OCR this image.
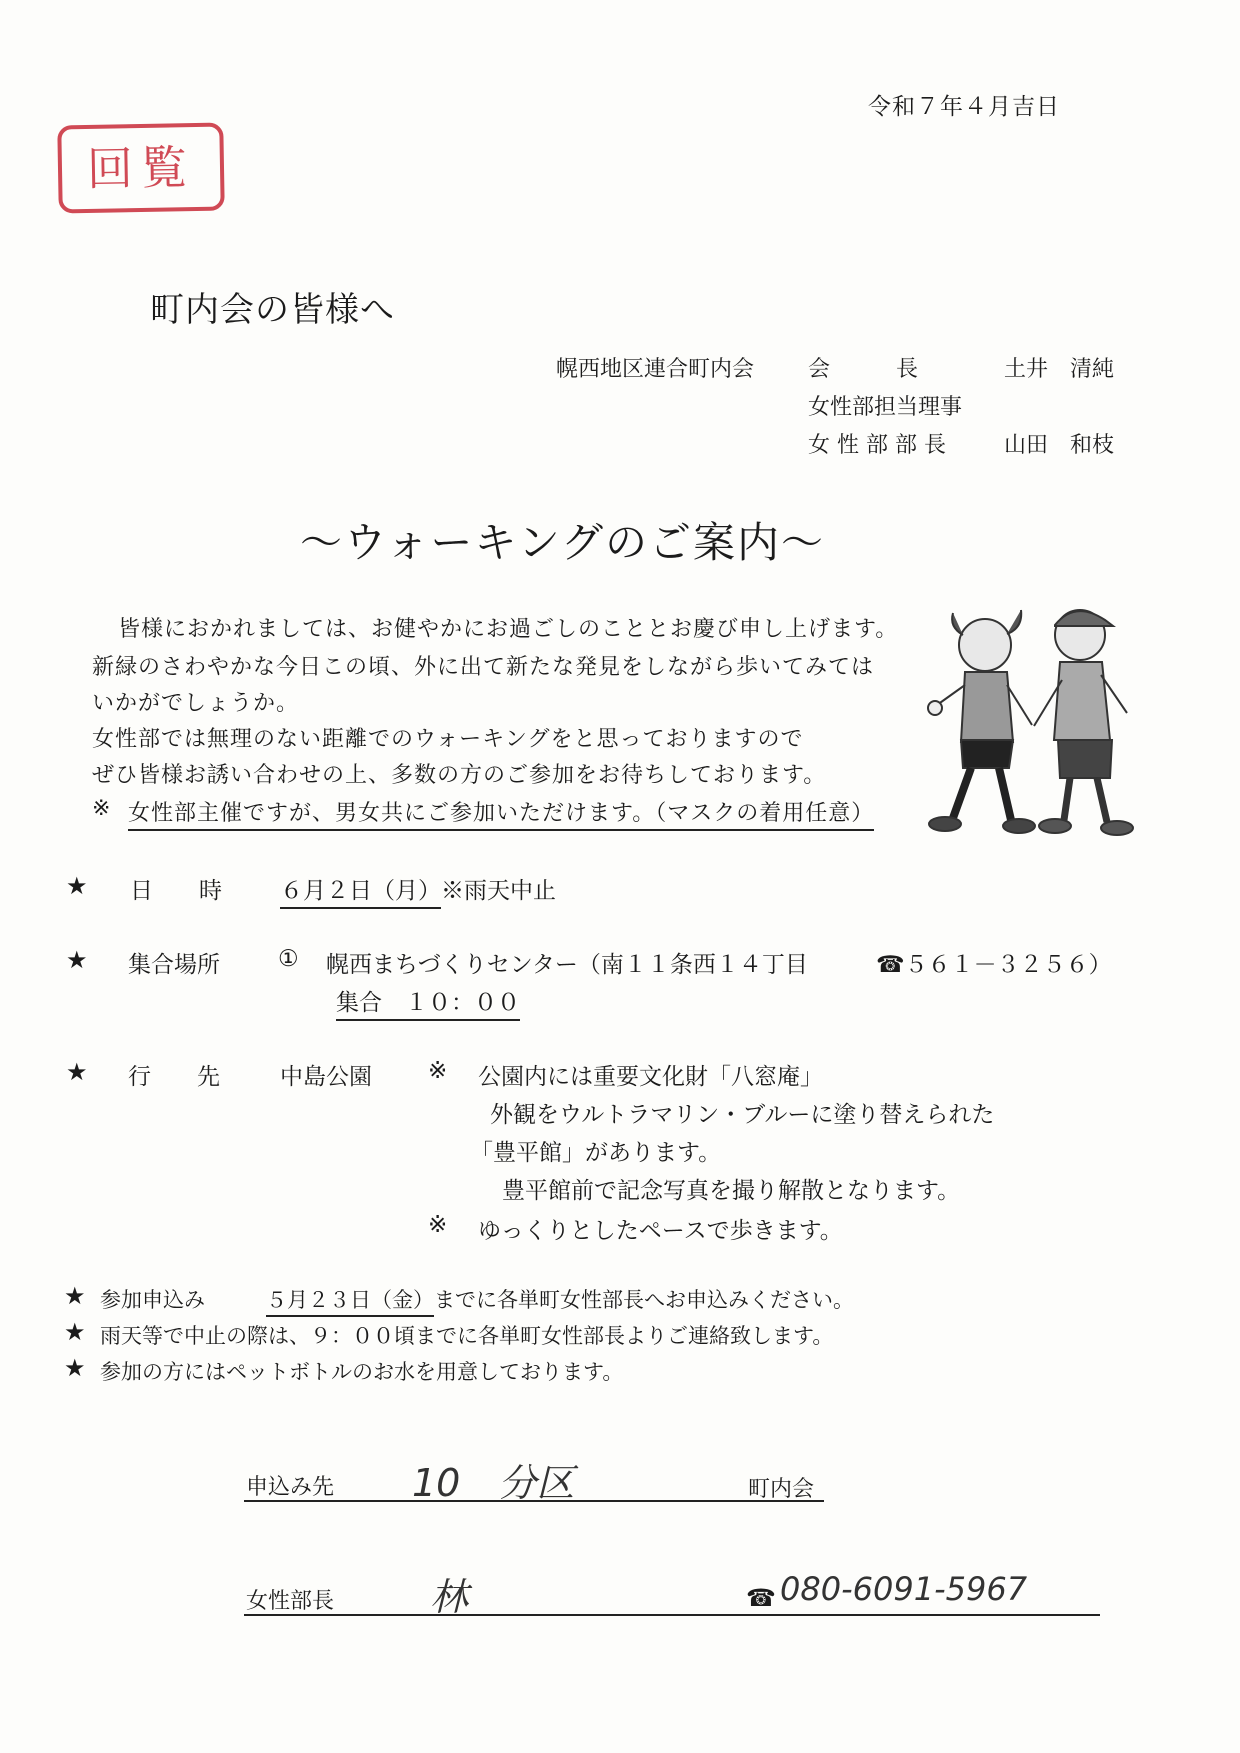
令和７年４月吉日
回覧
町内会の皆様へ
幌西地区連合町内会 会　　　長	土井　清純
女性部担当理事
女 性 部 部 長	山田　和枝
～ウォーキングのご案内～
皆様におかれましては、お健やかにお過ごしのこととお慶び申し上げます。
新緑のさわやかな今日この頃、外に出て新たな発見をしながら歩いてみては
いかがでしょうか。
女性部では無理のない距離でのウォーキングをと思っておりますので
ぜひ皆様お誘い合わせの上、多数の方のご参加をお待ちしております。
※ 女性部主催ですが、男女共にご参加いただけます。（マスクの着用任意）
★ 日　　時	６月２日（月）※雨天中止
★ 集合場所	① 幌西まちづくりセンター（南１１条西１４丁目	☎５６１－３２５６）
集合　１０：００
★ 行　　先	中島公園 ※ 公園内には重要文化財「八窓庵」
外観をウルトラマリン・ブルーに塗り替えられた
「豊平館」があります。
豊平館前で記念写真を撮り解散となります。
※ ゆっくりとしたペースで歩きます。
★ 参加申込み	５月２３日（金）までに各単町女性部長へお申込みください。
★ 雨天等で中止の際は、９：００頃までに各単町女性部長よりご連絡致します。
★ 参加の方にはペットボトルのお水を用意しております。
申込み先 10　分区	町内会
女性部長	林	☎ 080-6091-5967
